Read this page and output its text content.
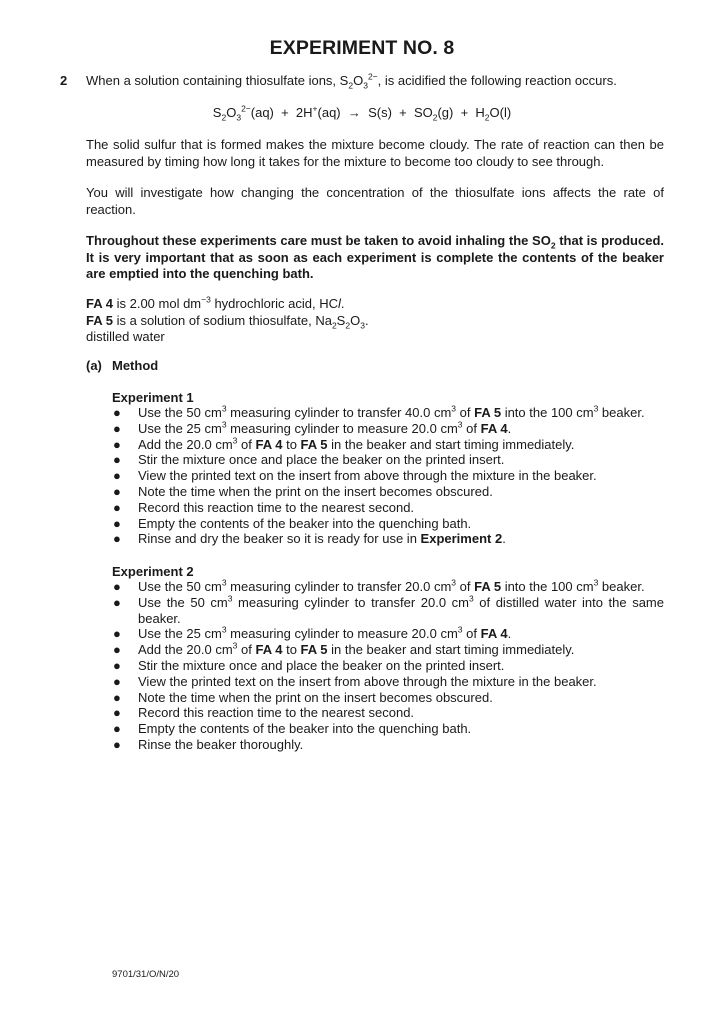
EXPERIMENT NO. 8
2 When a solution containing thiosulfate ions, $S_2O_3^{2-}$, is acidified the following reaction occurs.
$S_2O_3^{2-}(aq) + 2H^+(aq) \to S(s) + SO_2(g) + H_2O(l)$
The solid sulfur that is formed makes the mixture become cloudy. The rate of reaction can then be measured by timing how long it takes for the mixture to become too cloudy to see through.
You will investigate how changing the concentration of the thiosulfate ions affects the rate of reaction.
Throughout these experiments care must be taken to avoid inhaling the $SO_2$ that is produced. It is very important that as soon as each experiment is complete the contents of the beaker are emptied into the quenching bath.
FA 4 is 2.00 mol $dm^{-3}$ hydrochloric acid, HCl.
FA 5 is a solution of sodium thiosulfate, $Na_2S_2O_3$.
distilled water
(a) Method
Experiment 1
● Use the 50 $cm^3$ measuring cylinder to transfer 40.0 $cm^3$ of FA 5 into the 100 $cm^3$ beaker.
● Use the 25 $cm^3$ measuring cylinder to measure 20.0 $cm^3$ of FA 4.
● Add the 20.0 $cm^3$ of FA 4 to FA 5 in the beaker and start timing immediately.
● Stir the mixture once and place the beaker on the printed insert.
● View the printed text on the insert from above through the mixture in the beaker.
● Note the time when the print on the insert becomes obscured.
● Record this reaction time to the nearest second.
● Empty the contents of the beaker into the quenching bath.
● Rinse and dry the beaker so it is ready for use in Experiment 2.
Experiment 2
● Use the 50 $cm^3$ measuring cylinder to transfer 20.0 $cm^3$ of FA 5 into the 100 $cm^3$ beaker.
● Use the 50 $cm^3$ measuring cylinder to transfer 20.0 $cm^3$ of distilled water into the same beaker.
● Use the 25 $cm^3$ measuring cylinder to measure 20.0 $cm^3$ of FA 4.
● Add the 20.0 $cm^3$ of FA 4 to FA 5 in the beaker and start timing immediately.
● Stir the mixture once and place the beaker on the printed insert.
● View the printed text on the insert from above through the mixture in the beaker.
● Note the time when the print on the insert becomes obscured.
● Record this reaction time to the nearest second.
● Empty the contents of the beaker into the quenching bath.
● Rinse the beaker thoroughly.
9701/31/O/N/20
